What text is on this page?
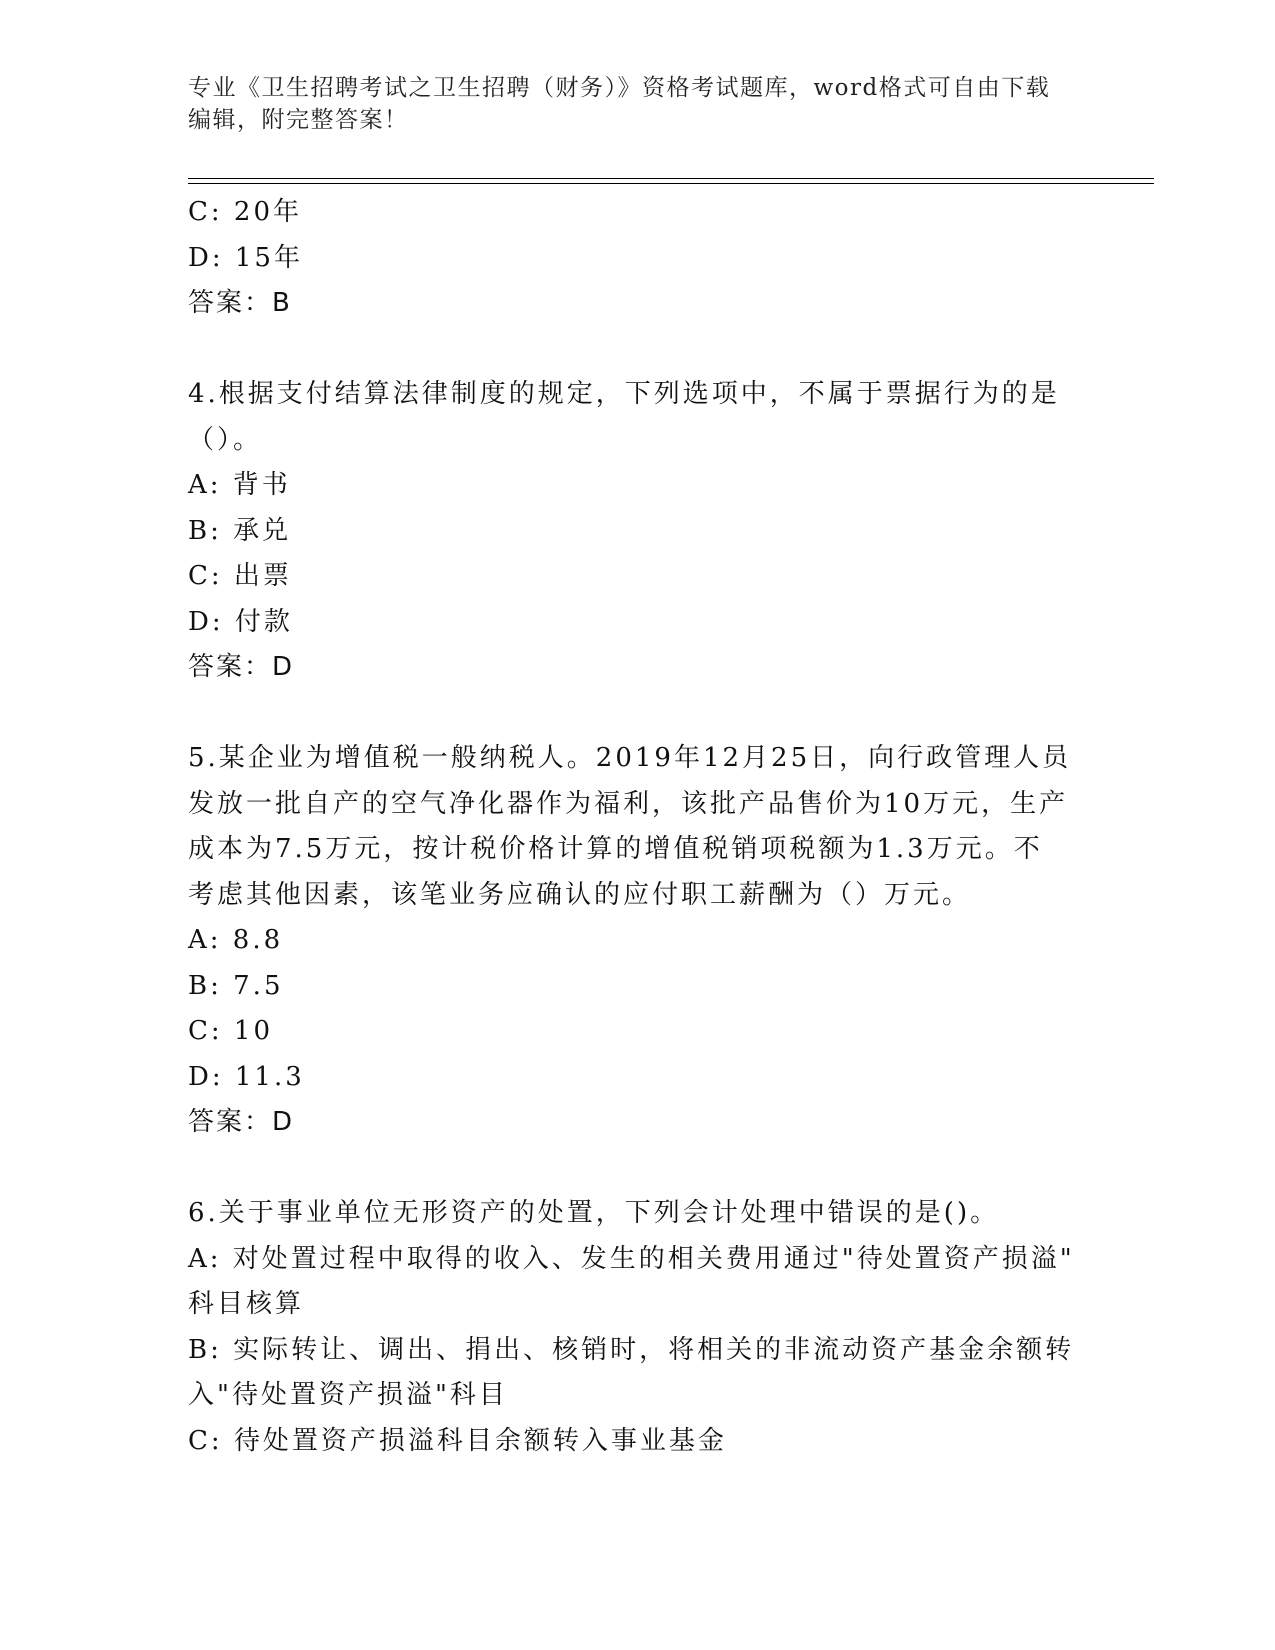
专业《卫生招聘考试之卫生招聘（财务）》资格考试题库，word格式可自由下载
编辑，附完整答案！
C: 20年
D: 15年
答案：B
4.根据支付结算法律制度的规定，下列选项中，不属于票据行为的是
（）。
A: 背书
B: 承兑
C: 出票
D: 付款
答案：D
5.某企业为增值税一般纳税人。2019年12月25日，向行政管理人员
发放一批自产的空气净化器作为福利，该批产品售价为10万元，生产
成本为7.5万元，按计税价格计算的增值税销项税额为1.3万元。不
考虑其他因素，该笔业务应确认的应付职工薪酬为（）万元。
A: 8.8
B: 7.5
C: 10
D: 11.3
答案：D
6.关于事业单位无形资产的处置，下列会计处理中错误的是()。
A: 对处置过程中取得的收入、发生的相关费用通过"待处置资产损溢"
科目核算
B: 实际转让、调出、捐出、核销时，将相关的非流动资产基金余额转
入"待处置资产损溢"科目
C: 待处置资产损溢科目余额转入事业基金
